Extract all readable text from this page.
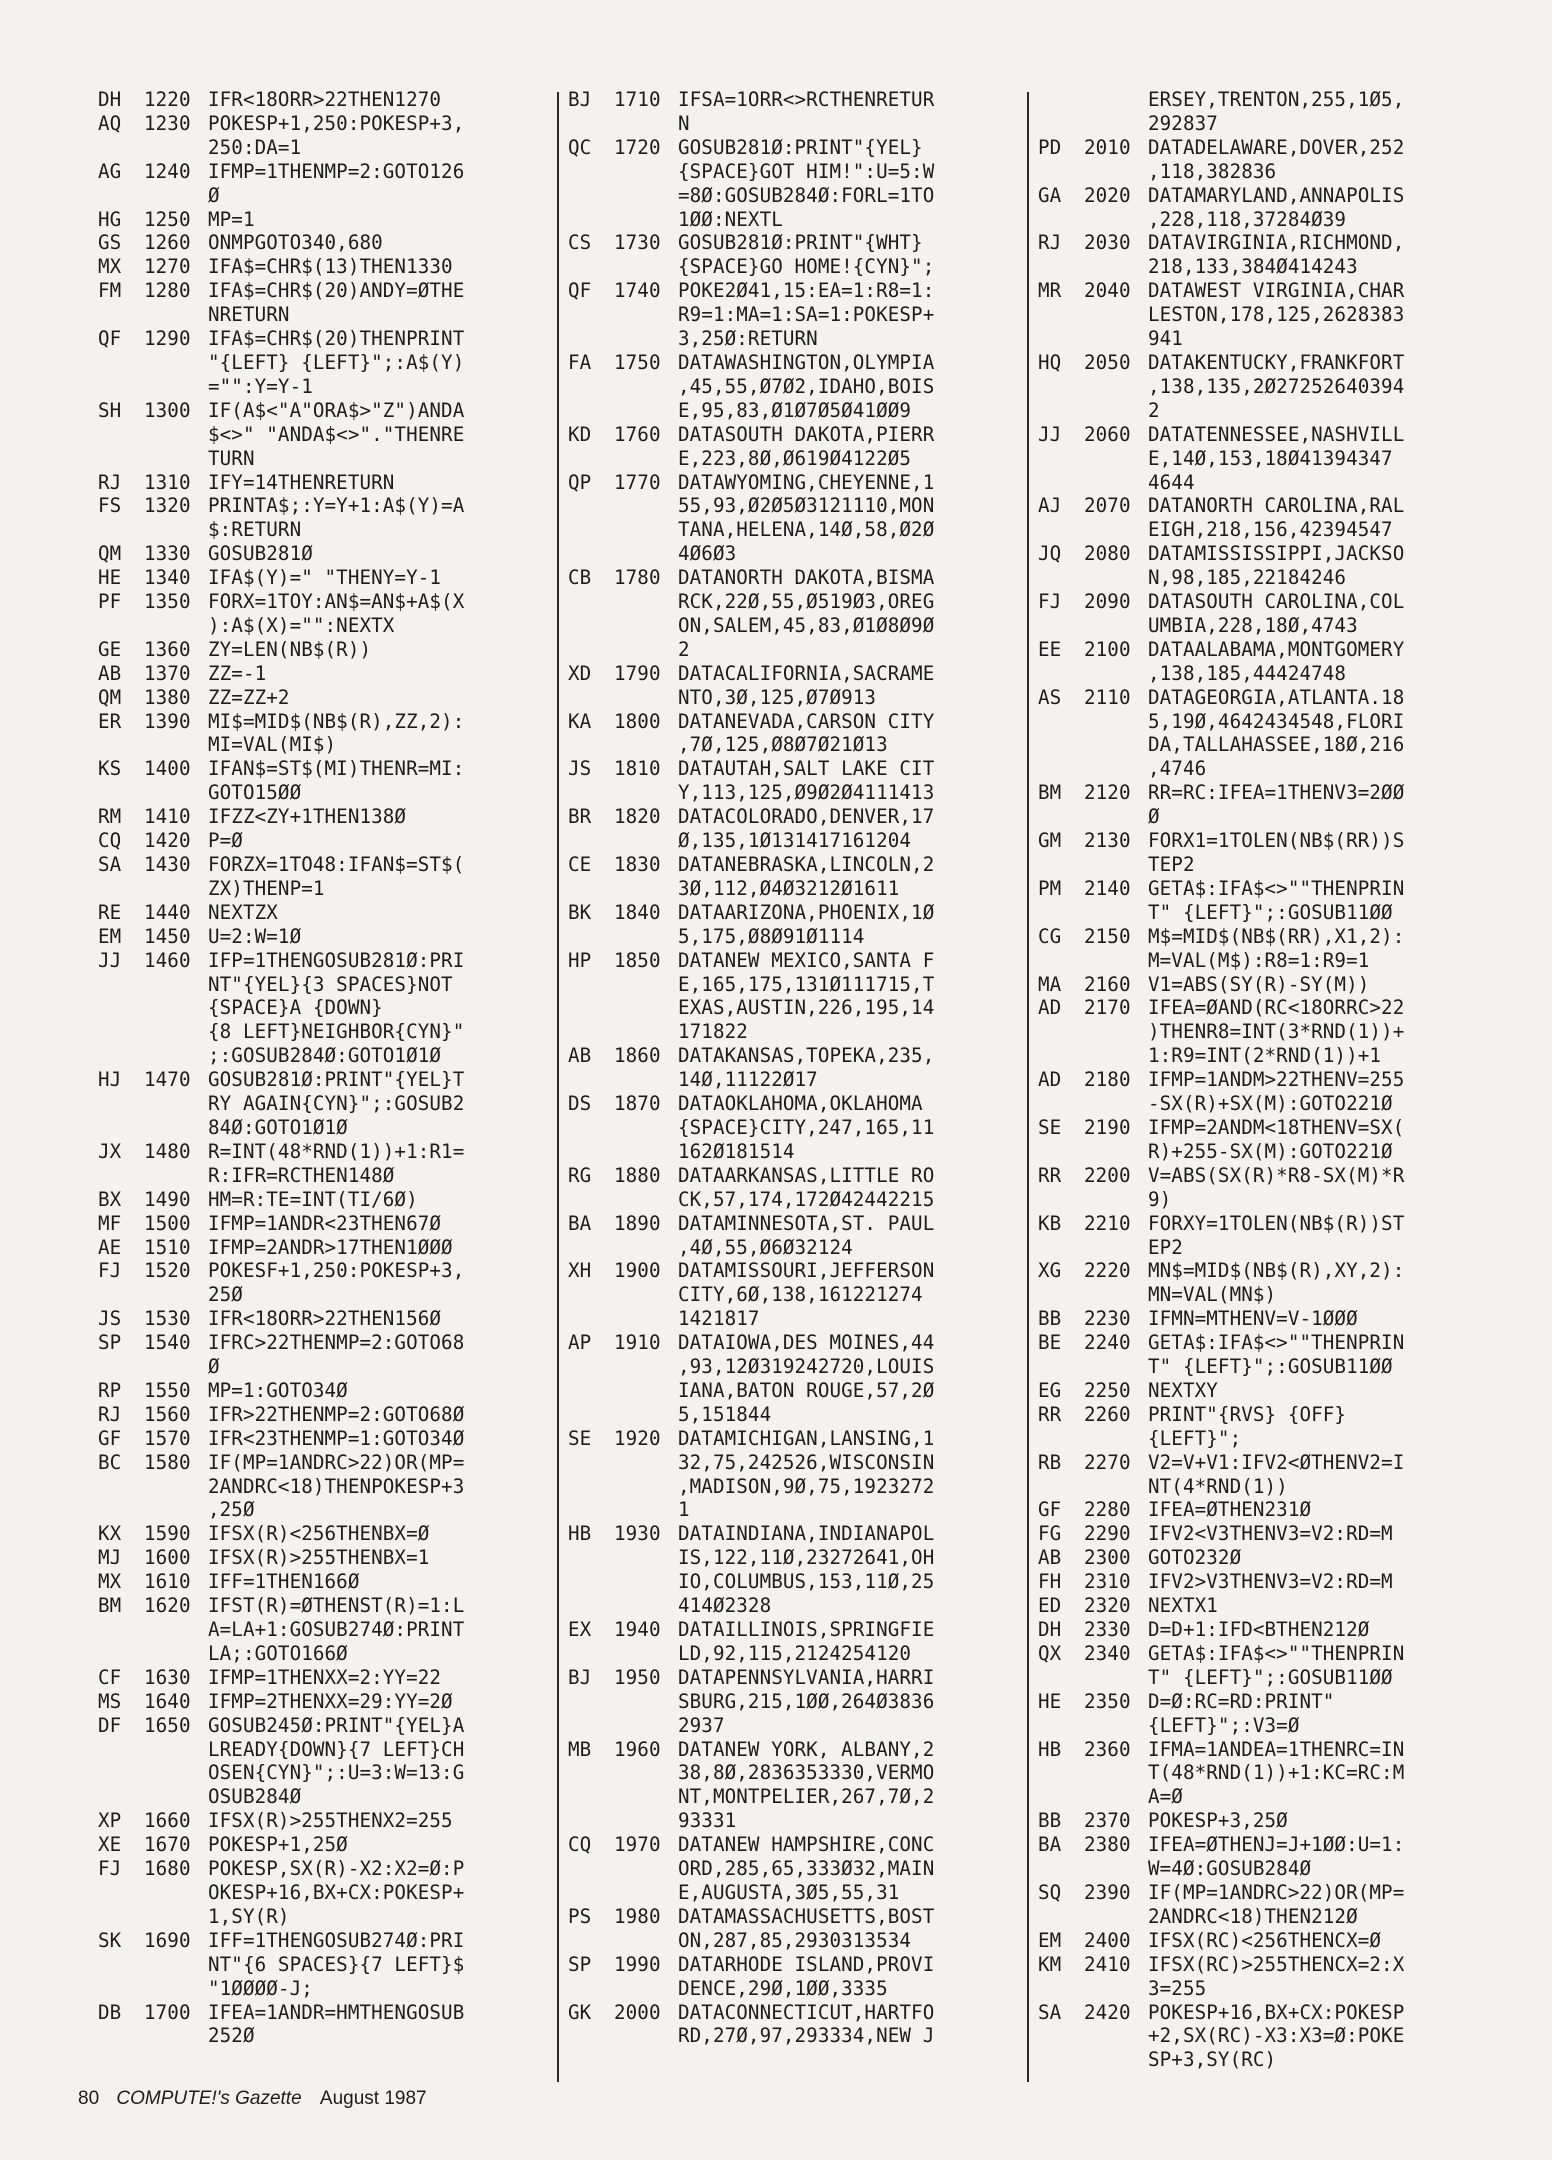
DH	1220 IFR<18ORR>22THEN1270
AQ	1230 POKESP+1,250:POKESP+3,
250:DA=1
AG	1240 IFMP=1THENMP=2:GOTO126
Ø
HG	1250 MP=1
GS	1260 ONMPGOTO340,680
MX	1270 IFA$=CHR$(13)THEN1330
FM	1280 IFA$=CHR$(20)ANDY=ØTHE
NRETURN
QF	1290 IFA$=CHR$(20)THENPRINT
"{LEFT} {LEFT}";:A$(Y)
="":Y=Y-1
SH	1300 IF(A$<"A"ORA$>"Z")ANDA
$<>" "ANDA$<>"."THENRE
TURN
RJ	1310 IFY=14THENRETURN
FS	1320 PRINTA$;:Y=Y+1:A$(Y)=A
$:RETURN
QM	1330 GOSUB281Ø
HE	1340 IFA$(Y)=" "THENY=Y-1
PF	1350 FORX=1TOY:AN$=AN$+A$(X
):A$(X)="":NEXTX
GE	1360 ZY=LEN(NB$(R))
AB	1370 ZZ=-1
QM	1380 ZZ=ZZ+2
ER	1390 MI$=MID$(NB$(R),ZZ,2):
MI=VAL(MI$)
KS	1400 IFAN$=ST$(MI)THENR=MI:
GOTO15ØØ
RM	1410 IFZZ<ZY+1THEN138Ø
CQ	1420 P=Ø
SA	1430 FORZX=1TO48:IFAN$=ST$(
ZX)THENP=1
RE	1440 NEXTZX
EM	1450 U=2:W=1Ø
JJ	1460 IFP=1THENGOSUB281Ø:PRI
NT"{YEL}{3 SPACES}NOT
{SPACE}A {DOWN}
{8 LEFT}NEIGHBOR{CYN}"
;:GOSUB284Ø:GOTO1Ø1Ø
HJ	1470 GOSUB281Ø:PRINT"{YEL}T
RY AGAIN{CYN}";:GOSUB2
84Ø:GOTO1Ø1Ø
JX	1480 R=INT(48*RND(1))+1:R1=
R:IFR=RCTHEN148Ø
BX	1490 HM=R:TE=INT(TI/6Ø)
MF	1500 IFMP=1ANDR<23THEN67Ø
AE	1510 IFMP=2ANDR>17THEN1ØØØ
FJ	1520 POKESF+1,250:POKESP+3,
25Ø
JS	1530 IFR<18ORR>22THEN156Ø
SP	1540 IFRC>22THENMP=2:GOTO68
Ø
RP	1550 MP=1:GOTO34Ø
RJ	1560 IFR>22THENMP=2:GOTO68Ø
GF	1570 IFR<23THENMP=1:GOTO34Ø
BC	1580 IF(MP=1ANDRC>22)OR(MP=
2ANDRC<18)THENPOKESP+3
,25Ø
KX	1590 IFSX(R)<256THENBX=Ø
MJ	1600 IFSX(R)>255THENBX=1
MX	1610 IFF=1THEN166Ø
BM	1620 IFST(R)=ØTHENST(R)=1:L
A=LA+1:GOSUB274Ø:PRINT
LA;:GOTO166Ø
CF	1630 IFMP=1THENXX=2:YY=22
MS	1640 IFMP=2THENXX=29:YY=2Ø
DF	1650 GOSUB245Ø:PRINT"{YEL}A
LREADY{DOWN}{7 LEFT}CH
OSEN{CYN}";:U=3:W=13:G
OSUB284Ø
XP	1660 IFSX(R)>255THENX2=255
XE	1670 POKESP+1,25Ø
FJ	1680 POKESP,SX(R)-X2:X2=Ø:P
OKESP+16,BX+CX:POKESP+
1,SY(R)
SK	1690 IFF=1THENGOSUB274Ø:PRI
NT"{6 SPACES}{7 LEFT}$
"1ØØØØ-J;
DB	1700 IFEA=1ANDR=HMTHENGOSUB
252Ø
BJ	1710 IFSA=1ORR<>RCTHENRETUR
N
QC	1720 GOSUB281Ø:PRINT"{YEL}
{SPACE}GOT HIM!":U=5:W
=8Ø:GOSUB284Ø:FORL=1TO
1ØØ:NEXTL
CS	1730 GOSUB281Ø:PRINT"{WHT}
{SPACE}GO HOME!{CYN}";
QF	1740 POKE2Ø41,15:EA=1:R8=1:
R9=1:MA=1:SA=1:POKESP+
3,25Ø:RETURN
FA	1750 DATAWASHINGTON,OLYMPIA
,45,55,Ø7Ø2,IDAHO,BOIS
E,95,83,Ø1Ø7Ø5Ø41ØØ9
KD	1760 DATASOUTH DAKOTA,PIERR
E,223,8Ø,Ø619Ø4122Ø5
QP	1770 DATAWYOMING,CHEYENNE,1
55,93,Ø2Ø5Ø3121110,MON
TANA,HELENA,14Ø,58,Ø2Ø
4Ø6Ø3
CB	1780 DATANORTH DAKOTA,BISMA
RCK,22Ø,55,Ø519Ø3,OREG
ON,SALEM,45,83,Ø1Ø8Ø9Ø
2
XD	1790 DATACALIFORNIA,SACRAME
NTO,3Ø,125,Ø7Ø913
KA	1800 DATANEVADA,CARSON CITY
,7Ø,125,Ø8Ø7Ø21Ø13
JS	1810 DATAUTAH,SALT LAKE CIT
Y,113,125,Ø9Ø2Ø4111413
BR	1820 DATACOLORADO,DENVER,17
Ø,135,1Ø131417161204
CE	1830 DATANEBRASKA,LINCOLN,2
3Ø,112,Ø4Ø3212Ø1611
BK	1840 DATAARIZONA,PHOENIX,1Ø
5,175,Ø8Ø91Ø1114
HP	1850 DATANEW MEXICO,SANTA F
E,165,175,131Ø111715,T
EXAS,AUSTIN,226,195,14
171822
AB	1860 DATAKANSAS,TOPEKA,235,
14Ø,11122Ø17
DS	1870 DATAOKLAHOMA,OKLAHOMA
{SPACE}CITY,247,165,11
162Ø181514
RG	1880 DATAARKANSAS,LITTLE RO
CK,57,174,172Ø42442215
BA	1890 DATAMINNESOTA,ST. PAUL
,4Ø,55,Ø6Ø32124
XH	1900 DATAMISSOURI,JEFFERSON
CITY,6Ø,138,161221274
1421817
AP	1910 DATAIOWA,DES MOINES,44
,93,12Ø319242720,LOUIS
IANA,BATON ROUGE,57,2Ø
5,151844
SE	1920 DATAMICHIGAN,LANSING,1
32,75,242526,WISCONSIN
,MADISON,9Ø,75,1923272
1
HB	1930 DATAINDIANA,INDIANAPOL
IS,122,11Ø,23272641,OH
IO,COLUMBUS,153,11Ø,25
414Ø2328
EX	1940 DATAILLINOIS,SPRINGFIE
LD,92,115,2124254120
BJ	1950 DATAPENNSYLVANIA,HARRI
SBURG,215,1ØØ,264Ø3836
2937
MB	1960 DATANEW YORK, ALBANY,2
38,8Ø,2836353330,VERMO
NT,MONTPELIER,267,7Ø,2
93331
CQ	1970 DATANEW HAMPSHIRE,CONC
ORD,285,65,333Ø32,MAIN
E,AUGUSTA,3Ø5,55,31
PS	1980 DATAMASSACHUSETTS,BOST
ON,287,85,2930313534
SP	1990 DATARHODE ISLAND,PROVI
DENCE,29Ø,1ØØ,3335
GK	2000 DATACONNECTICUT,HARTFO
RD,27Ø,97,293334,NEW J
ERSEY,TRENTON,255,1Ø5,
292837
PD	2010 DATADELAWARE,DOVER,252
,118,382836
GA	2020 DATAMARYLAND,ANNAPOLIS
,228,118,37284Ø39
RJ	2030 DATAVIRGINIA,RICHMOND,
218,133,384Ø414243
MR	2040 DATAWEST VIRGINIA,CHAR
LESTON,178,125,2628383
941
HQ	2050 DATAKENTUCKY,FRANKFORT
,138,135,2Ø27252640394
2
JJ	2060 DATATENNESSEE,NASHVILL
E,14Ø,153,18Ø41394347
4644
AJ	2070 DATANORTH CAROLINA,RAL
EIGH,218,156,42394547
JQ	2080 DATAMISSISSIPPI,JACKSO
N,98,185,22184246
FJ	2090 DATASOUTH CAROLINA,COL
UMBIA,228,18Ø,4743
EE	2100 DATAALABAMA,MONTGOMERY
,138,185,44424748
AS	2110 DATAGEORGIA,ATLANTA.18
5,19Ø,4642434548,FLORI
DA,TALLAHASSEE,18Ø,216
,4746
BM	2120 RR=RC:IFEA=1THENV3=2ØØ
Ø
GM	2130 FORX1=1TOLEN(NB$(RR))S
TEP2
PM	2140 GETA$:IFA$<>""THENPRIN
T" {LEFT}";:GOSUB11ØØ
CG	2150 M$=MID$(NB$(RR),X1,2):
M=VAL(M$):R8=1:R9=1
MA	2160 V1=ABS(SY(R)-SY(M))
AD	2170 IFEA=ØAND(RC<18ORRC>22
)THENR8=INT(3*RND(1))+
1:R9=INT(2*RND(1))+1
AD	2180 IFMP=1ANDM>22THENV=255
-SX(R)+SX(M):GOTO221Ø
SE	2190 IFMP=2ANDM<18THENV=SX(
R)+255-SX(M):GOTO221Ø
RR	2200 V=ABS(SX(R)*R8-SX(M)*R
9)
KB	2210 FORXY=1TOLEN(NB$(R))ST
EP2
XG	2220 MN$=MID$(NB$(R),XY,2):
MN=VAL(MN$)
BB	2230 IFMN=MTHENV=V-1ØØØ
BE	2240 GETA$:IFA$<>""THENPRIN
T" {LEFT}";:GOSUB11ØØ
EG	2250 NEXTXY
RR	2260 PRINT"{RVS} {OFF}
{LEFT}";
RB	2270 V2=V+V1:IFV2<ØTHENV2=I
NT(4*RND(1))
GF	2280 IFEA=ØTHEN231Ø
FG	2290 IFV2<V3THENV3=V2:RD=M
AB	2300 GOTO232Ø
FH	2310 IFV2>V3THENV3=V2:RD=M
ED	2320 NEXTX1
DH	2330 D=D+1:IFD<BTHEN212Ø
QX	2340 GETA$:IFA$<>""THENPRIN
T" {LEFT}";:GOSUB11ØØ
HE	2350 D=Ø:RC=RD:PRINT"
{LEFT}";:V3=Ø
HB	2360 IFMA=1ANDEA=1THENRC=IN
T(48*RND(1))+1:KC=RC:M
A=Ø
BB	2370 POKESP+3,25Ø
BA	2380 IFEA=ØTHENJ=J+1ØØ:U=1:
W=4Ø:GOSUB284Ø
SQ	2390 IF(MP=1ANDRC>22)OR(MP=
2ANDRC<18)THEN212Ø
EM	2400 IFSX(RC)<256THENCX=Ø
KM	2410 IFSX(RC)>255THENCX=2:X
3=255
SA	2420 POKESP+16,BX+CX:POKESP
+2,SX(RC)-X3:X3=Ø:POKE
SP+3,SY(RC)
80 COMPUTE!'s Gazette August 1987
